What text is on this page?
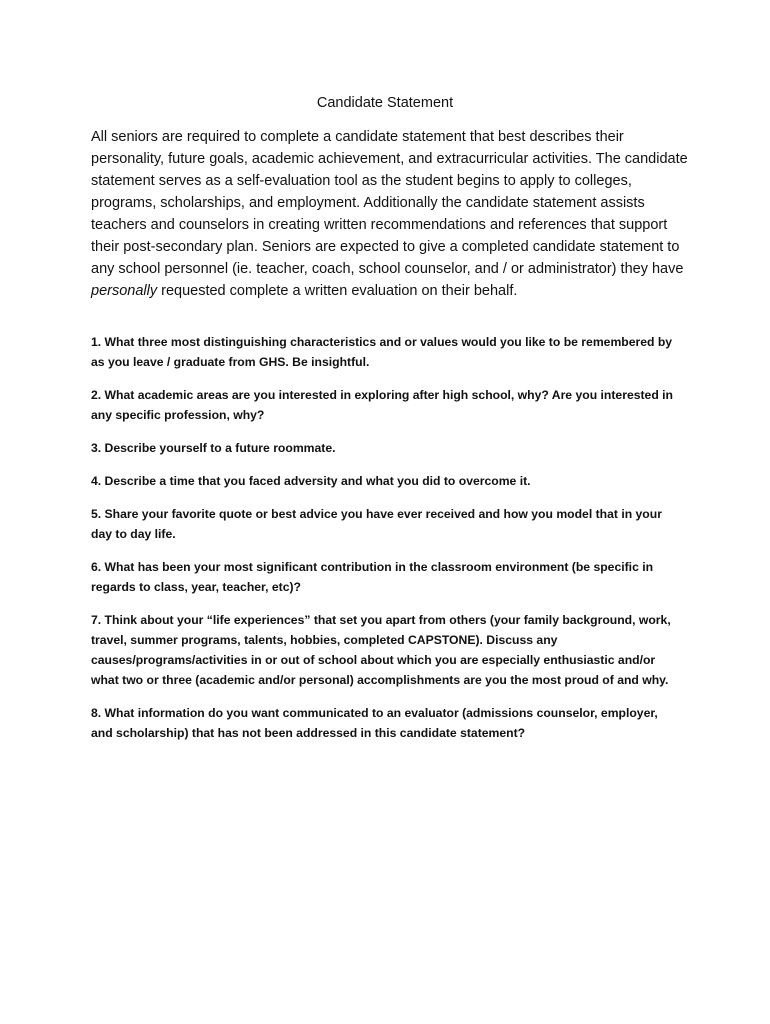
Candidate Statement

All seniors are required to complete a candidate statement that best describes their personality, future goals, academic achievement, and extracurricular activities. The candidate statement serves as a self-evaluation tool as the student begins to apply to colleges, programs, scholarships, and employment. Additionally the candidate statement assists teachers and counselors in creating written recommendations and references that support their post-secondary plan. Seniors are expected to give a completed candidate statement to any school personnel (ie. teacher, coach, school counselor, and / or administrator) they have personally requested complete a written evaluation on their behalf.

1. What three most distinguishing characteristics and or values would you like to be remembered by as you leave / graduate from GHS. Be insightful.

2. What academic areas are you interested in exploring after high school, why? Are you interested in any specific profession, why?

3. Describe yourself to a future roommate.

4. Describe a time that you faced adversity and what you did to overcome it.

5. Share your favorite quote or best advice you have ever received and how you model that in your day to day life.

6. What has been your most significant contribution in the classroom environment (be specific in regards to class, year, teacher, etc)?

7. Think about your “life experiences” that set you apart from others (your family background, work, travel, summer programs, talents, hobbies, completed CAPSTONE). Discuss any causes/programs/activities in or out of school about which you are especially enthusiastic and/or what two or three (academic and/or personal) accomplishments are you the most proud of and why.

8. What information do you want communicated to an evaluator (admissions counselor, employer, and scholarship) that has not been addressed in this candidate statement?
